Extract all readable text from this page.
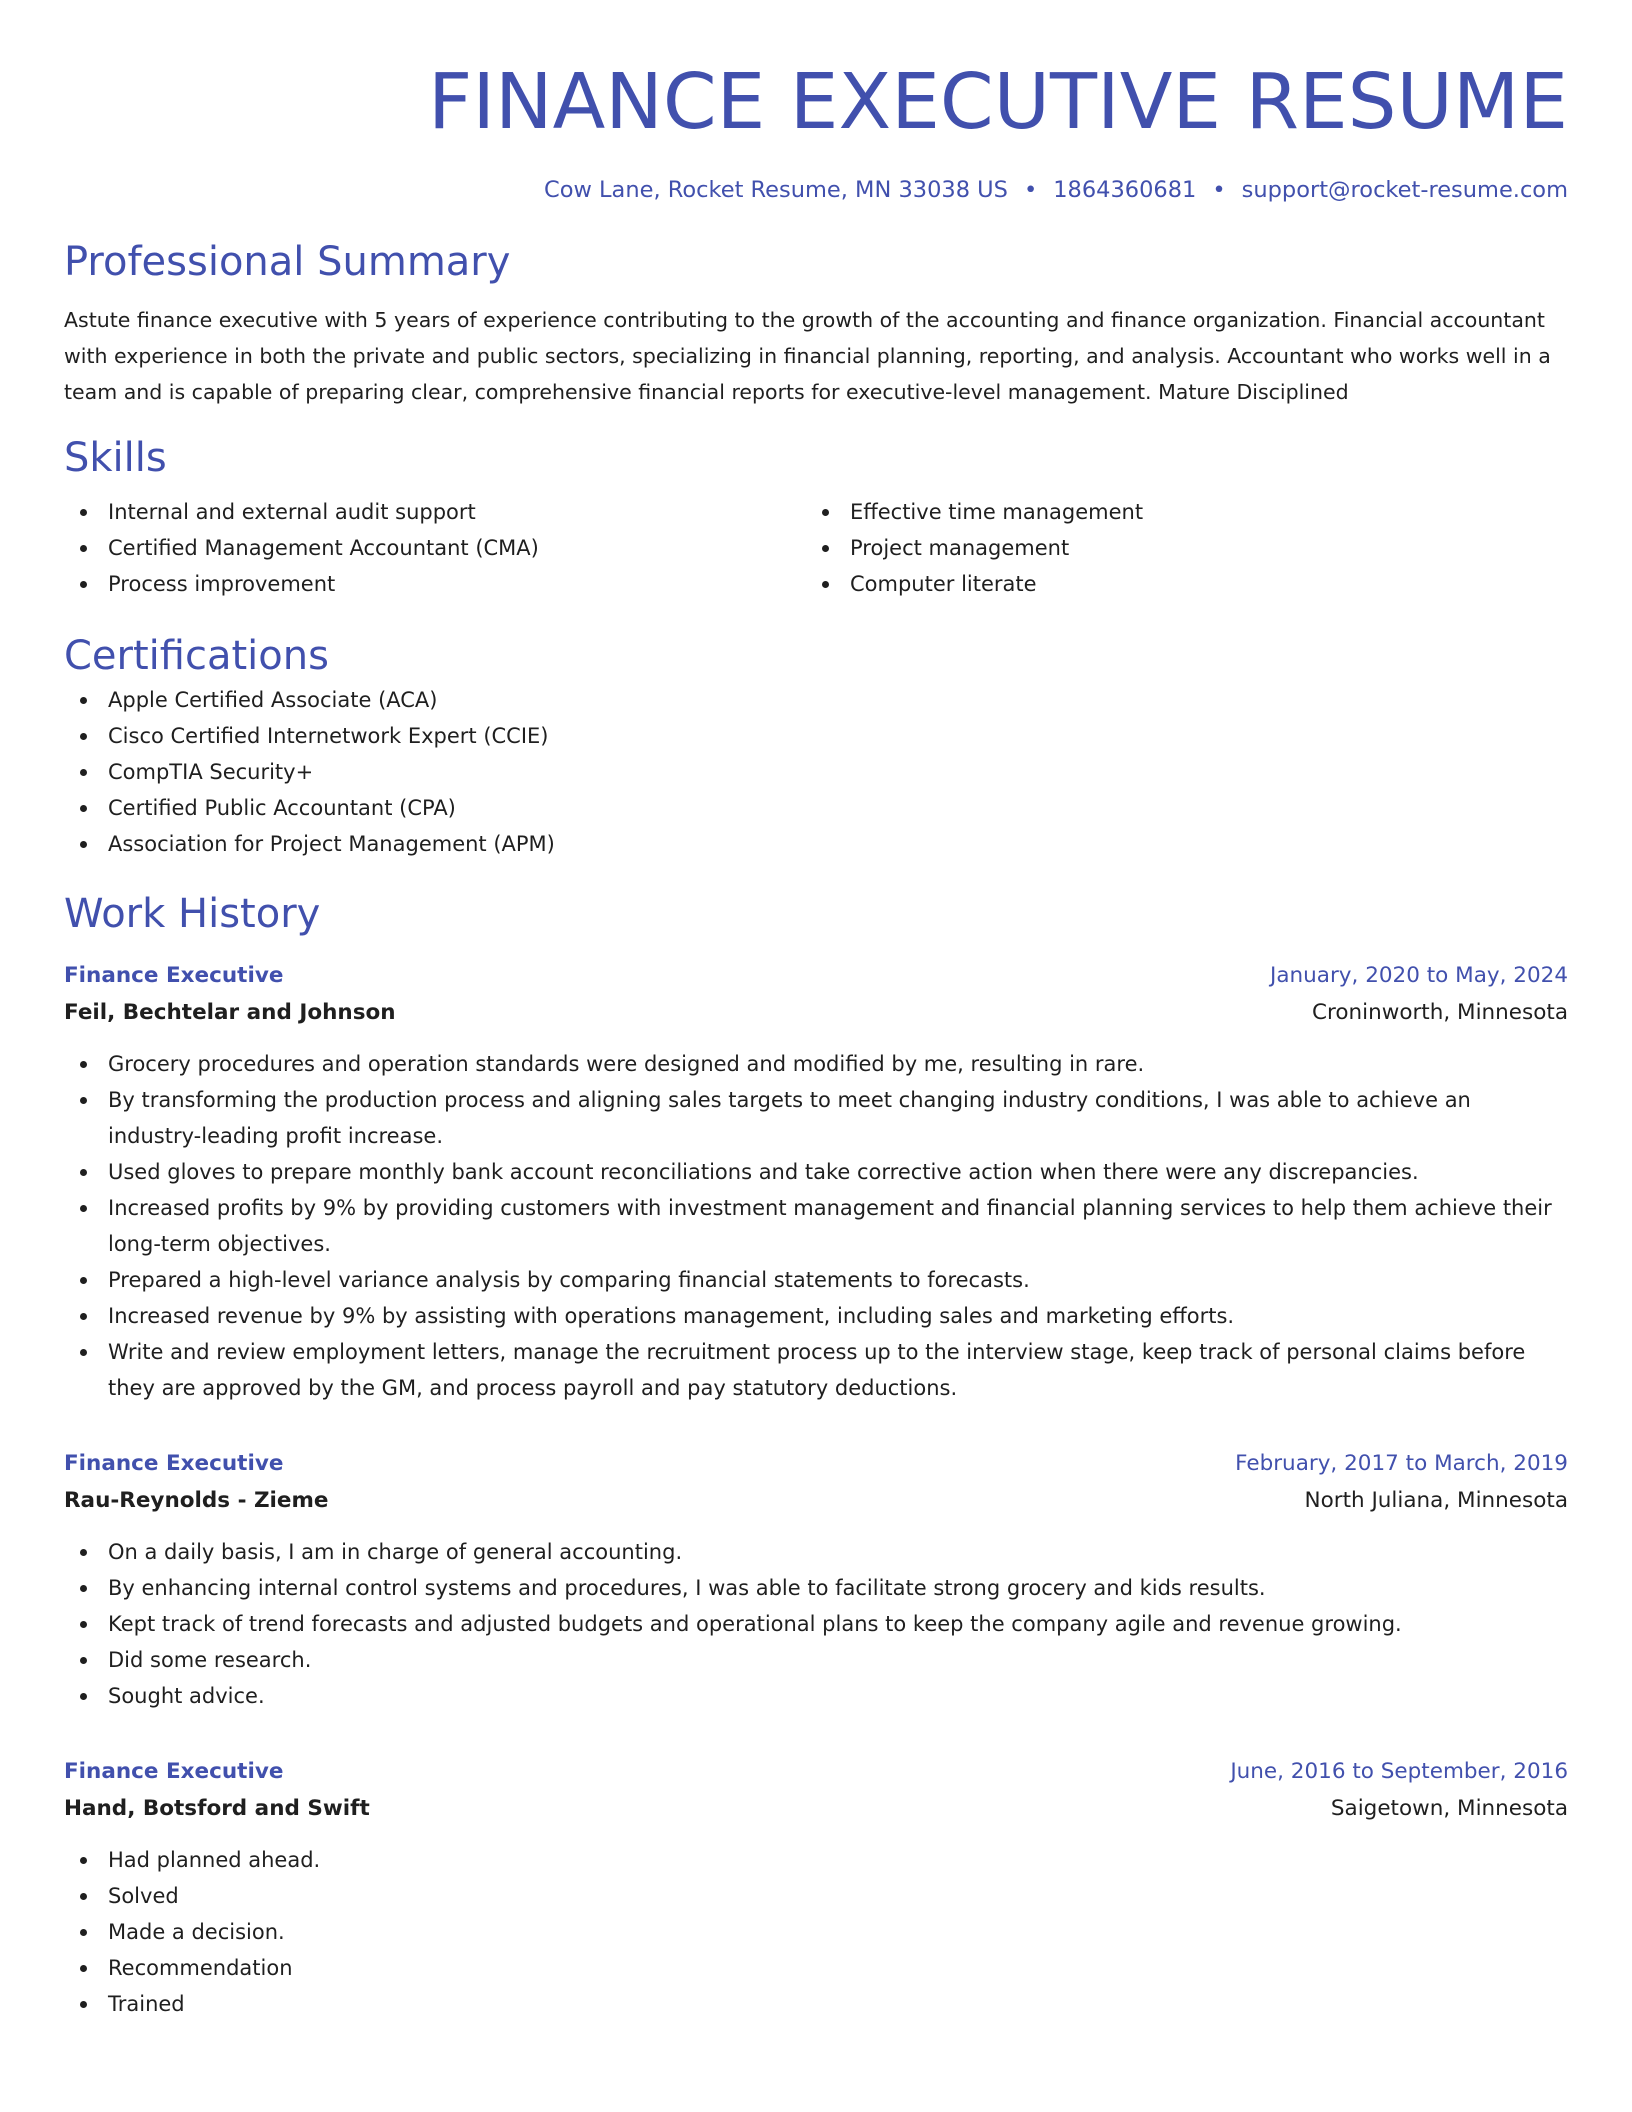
FINANCE EXECUTIVE RESUME
Cow Lane, Rocket Resume, MN 33038 US • 1864360681 • support@rocket-resume.com
Professional Summary

Astute finance executive with 5 years of experience contributing to the growth of the accounting and finance organization. Financial accountant with experience in both the private and public sectors, specializing in financial planning, reporting, and analysis. Accountant who works well in a team and is capable of preparing clear, comprehensive financial reports for executive-level management. Mature Disciplined

Skills
Internal and external audit support
Certified Management Accountant (CMA)
Process improvement
Effective time management
Project management
Computer literate
Certifications
Apple Certified Associate (ACA)
Cisco Certified Internetwork Expert (CCIE)
CompTIA Security+
Certified Public Accountant (CPA)
Association for Project Management (APM)
Work History
Finance Executive	January, 2020 to May, 2024
Feil, Bechtelar and Johnson	Croninworth, Minnesota
Grocery procedures and operation standards were designed and modified by me, resulting in rare.
By transforming the production process and aligning sales targets to meet changing industry conditions, I was able to achieve an industry-leading profit increase.
Used gloves to prepare monthly bank account reconciliations and take corrective action when there were any discrepancies.
Increased profits by 9% by providing customers with investment management and financial planning services to help them achieve their long-term objectives.
Prepared a high-level variance analysis by comparing financial statements to forecasts.
Increased revenue by 9% by assisting with operations management, including sales and marketing efforts.
Write and review employment letters, manage the recruitment process up to the interview stage, keep track of personal claims before they are approved by the GM, and process payroll and pay statutory deductions.
Finance Executive	February, 2017 to March, 2019
Rau-Reynolds - Zieme	North Juliana, Minnesota
On a daily basis, I am in charge of general accounting.
By enhancing internal control systems and procedures, I was able to facilitate strong grocery and kids results.
Kept track of trend forecasts and adjusted budgets and operational plans to keep the company agile and revenue growing.
Did some research.
Sought advice.
Finance Executive	June, 2016 to September, 2016
Hand, Botsford and Swift	Saigetown, Minnesota
Had planned ahead.
Solved
Made a decision.
Recommendation
Trained
